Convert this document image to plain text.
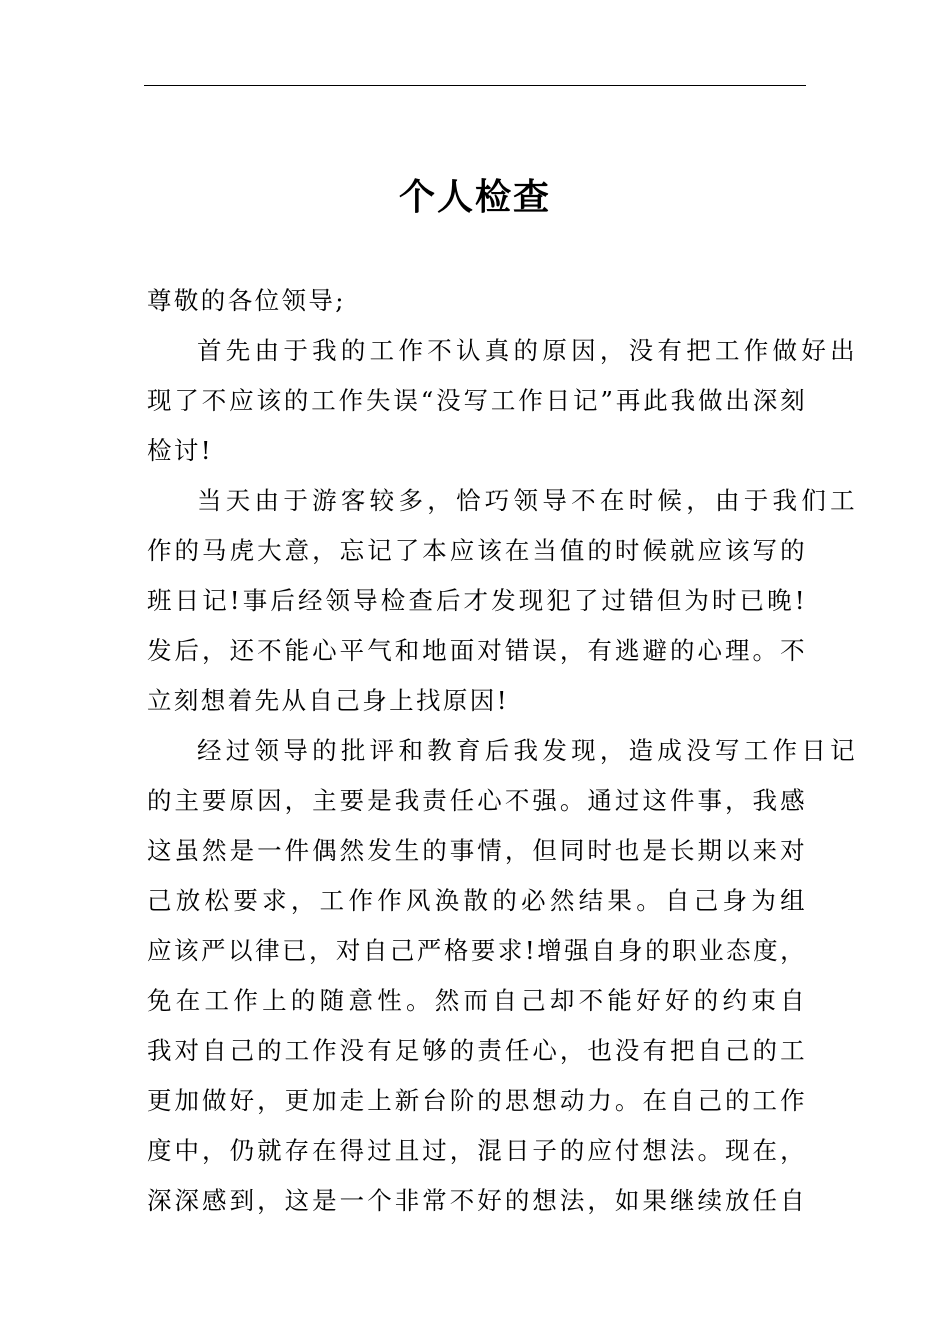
个人检查
尊敬的各位领导;
首先由于我的工作不认真的原因，没有把工作做好出
现了不应该的工作失误“没写工作日记”再此我做出深刻
检讨!
当天由于游客较多，恰巧领导不在时候，由于我们工
作的马虎大意，忘记了本应该在当值的时候就应该写的
班日记!事后经领导检查后才发现犯了过错但为时已晚!
发后，还不能心平气和地面对错误，有逃避的心理。不
立刻想着先从自己身上找原因!
经过领导的批评和教育后我发现，造成没写工作日记
的主要原因，主要是我责任心不强。通过这件事，我感
这虽然是一件偶然发生的事情，但同时也是长期以来对
己放松要求，工作作风涣散的必然结果。自己身为组
应该严以律已，对自己严格要求!增强自身的职业态度，
免在工作上的随意性。然而自己却不能好好的约束自
我对自己的工作没有足够的责任心，也没有把自己的工
更加做好，更加走上新台阶的思想动力。在自己的工作
度中，仍就存在得过且过，混日子的应付想法。现在，
深深感到，这是一个非常不好的想法，如果继续放任自
